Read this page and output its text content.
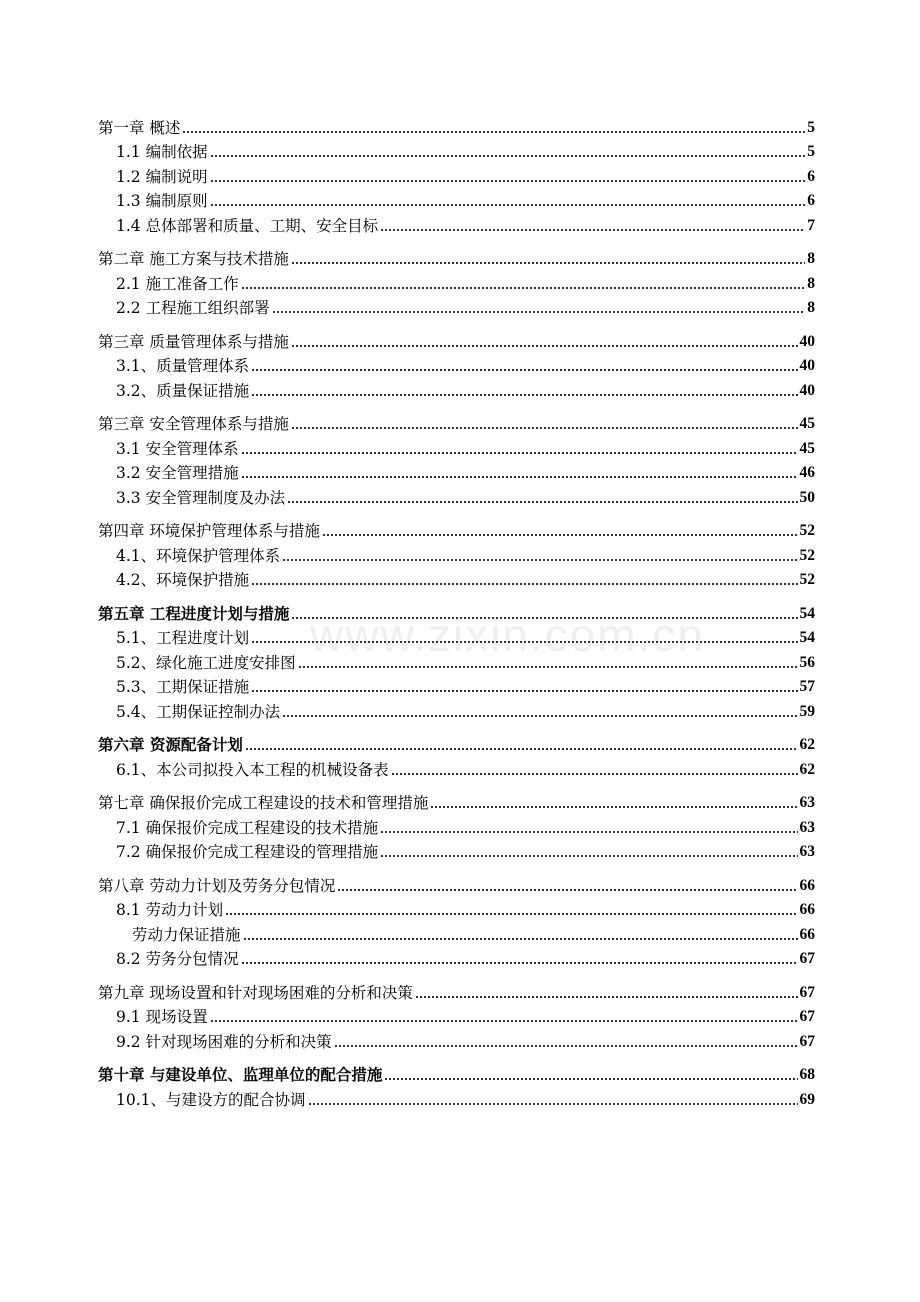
www.zixin.com.cn
第一章 概述	5
1.1 编制依据	5
1.2 编制说明	6
1.3 编制原则	6
1.4 总体部署和质量、工期、安全目标	7
第二章 施工方案与技术措施	8
2.1 施工准备工作	8
2.2 工程施工组织部署	8
第三章 质量管理体系与措施	40
3.1、质量管理体系	40
3.2、质量保证措施	40
第三章 安全管理体系与措施	45
3.1 安全管理体系	45
3.2 安全管理措施	46
3.3 安全管理制度及办法	50
第四章 环境保护管理体系与措施	52
4.1、环境保护管理体系	52
4.2、环境保护措施	52
第五章 工程进度计划与措施	54
5.1、工程进度计划	54
5.2、绿化施工进度安排图	56
5.3、工期保证措施	57
5.4、工期保证控制办法	59
第六章 资源配备计划	62
6.1、本公司拟投入本工程的机械设备表	62
第七章 确保报价完成工程建设的技术和管理措施	63
7.1 确保报价完成工程建设的技术措施	63
7.2 确保报价完成工程建设的管理措施	63
第八章 劳动力计划及劳务分包情况	66
8.1 劳动力计划	66
劳动力保证措施	66
8.2 劳务分包情况	67
第九章 现场设置和针对现场困难的分析和决策	67
9.1 现场设置	67
9.2 针对现场困难的分析和决策	67
第十章 与建设单位、监理单位的配合措施	68
10.1、与建设方的配合协调	69
